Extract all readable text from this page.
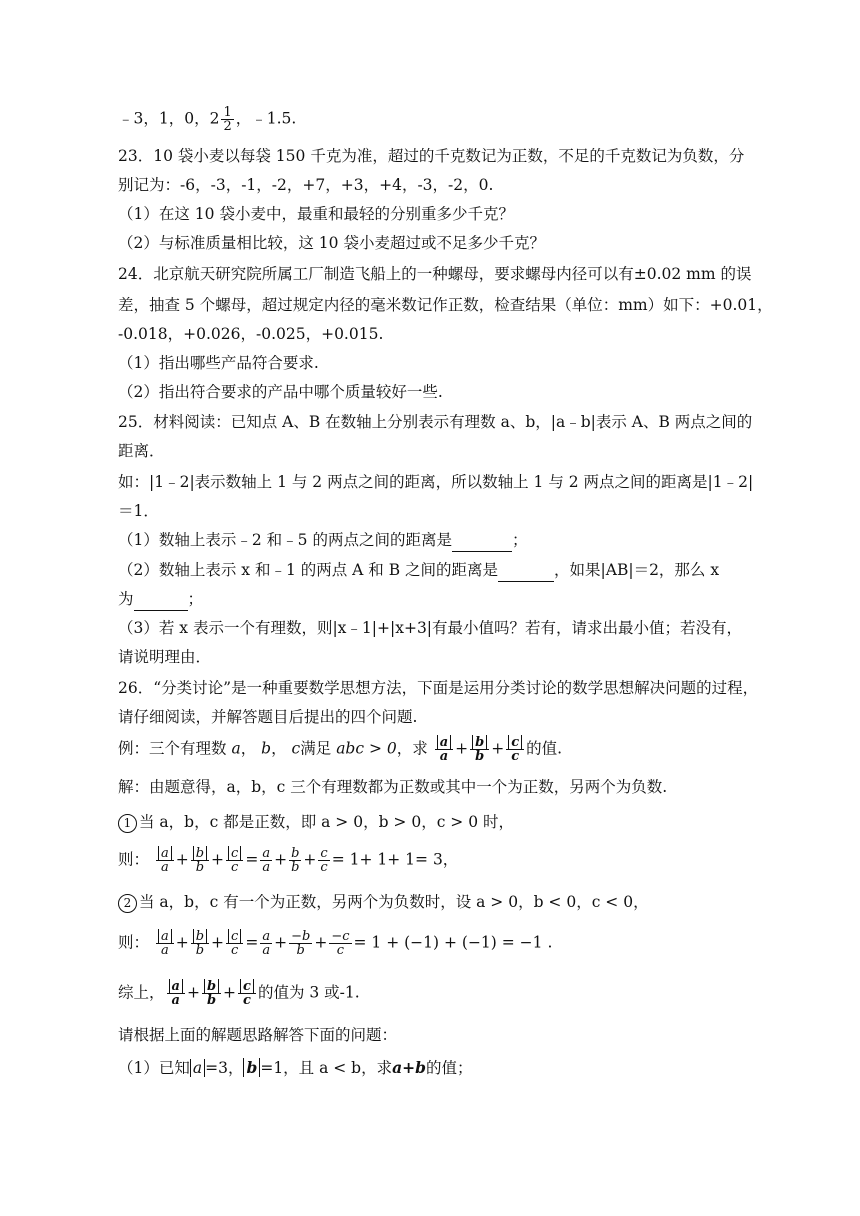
﹣3，1，0，$2 \frac{1}{2}$ ，﹣1.5.
23．10 袋小麦以每袋 150 千克为准，超过的千克数记为正数，不足的千克数记为负数，分
别记为：-6，-3，-1，-2，+7，+3，+4，-3，-2，0.
（1）在这 10 袋小麦中，最重和最轻的分别重多少千克？
（2）与标准质量相比较，这 10 袋小麦超过或不足多少千克？
24．北京航天研究院所属工厂制造飞船上的一种螺母，要求螺母内径可以有±0.02 mm 的误
差，抽查 5 个螺母，超过规定内径的毫米数记作正数，检查结果（单位：mm）如下：+0.01，
-0.018，+0.026，-0.025，+0.015.
（1）指出哪些产品符合要求.
（2）指出符合要求的产品中哪个质量较好一些.
25．材料阅读：已知点 A、B 在数轴上分别表示有理数 a、b，|a﹣b|表示 A、B 两点之间的
距离．
如：|1﹣2|表示数轴上 1 与 2 两点之间的距离，所以数轴上 1 与 2 两点之间的距离是|1﹣2|
＝1．
（1）数轴上表示﹣2 和﹣5 的两点之间的距离是	；
（2）数轴上表示 x 和﹣1 的两点 A 和 B 之间的距离是	，如果|AB|＝2，那么 x
为	；
（3）若 x 表示一个有理数，则|x﹣1|+|x+3|有最小值吗？若有，请求出最小值；若没有，
请说明理由．
26．“分类讨论”是一种重要数学思想方法，下面是运用分类讨论的数学思想解决问题的过程，
请仔细阅读，并解答题目后提出的四个问题.
例：三个有理数 a， b， c满足 abc > 0，求 $\frac{a}{a} + \frac{b}{b} + \frac{c}{c}$ 的值.
解：由题意得，a，b，c 三个有理数都为正数或其中一个为正数，另两个为负数.
1 当 a，b，c 都是正数，即 a > 0，b > 0，c > 0 时，
则： $\frac{a}{a} + \frac{b}{b} + \frac{c}{c} = \frac{a}{a} + \frac{b}{b} + \frac{c}{c} = 1+ 1+ 1= 3$，
2 当 a，b，c 有一个为正数，另两个为负数时，设 a > 0，b < 0，c < 0，
则： $\frac{a}{a} + \frac{b}{b} + \frac{c}{c} = \frac{a}{a} + \frac{-b}{b} + \frac{-c}{c} = 1 + (-1) + (-1) = -1$ .
综上， $\frac{a}{a} + \frac{b}{b} + \frac{c}{c}$ 的值为 3 或-1.
请根据上面的解题思路解答下面的问题：
（1）已知 a =3， b =1，且 a < b，求a+b的值；
